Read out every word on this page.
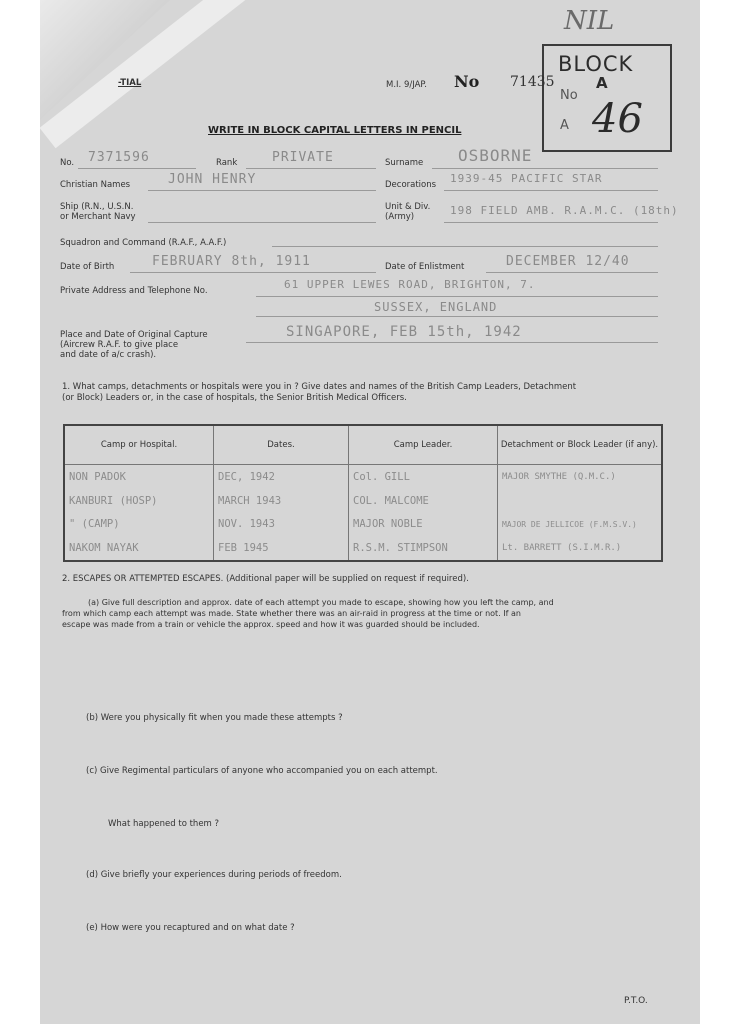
NIL
BLOCK
A
No
A 46
-TIAL	M.I. 9/JAP. No 71435
WRITE IN BLOCK CAPITAL LETTERS IN PENCIL
No. 7371596	Rank	PRIVATE	Surname OSBORNE
Christian Names	JOHN HENRY	Decorations 1939-45 PACIFIC STAR
Ship (R.N., U.S.N.
or Merchant Navy
Unit & Div.
(Army)	198 FIELD AMB. R.A.M.C. (18th)
Squadron and Command (R.A.F., A.A.F.)
Date of Birth	FEBRUARY 8th, 1911	Date of Enlistment	DECEMBER 12/40
Private Address and Telephone No.	61 UPPER LEWES ROAD, BRIGHTON, 7.
SUSSEX, ENGLAND
Place and Date of Original Capture
(Aircrew R.A.F. to give place
and date of a/c crash).
SINGAPORE, FEB 15th, 1942
1. What camps, detachments or hospitals were you in ? Give dates and names of the British Camp Leaders, Detachment
(or Block) Leaders or, in the case of hospitals, the Senior British Medical Officers.
Camp or Hospital.	Dates.	Camp Leader.	Detachment or Block Leader (if any).
NON PADOK	DEC, 1942	Col. GILL	MAJOR SMYTHE (Q.M.C.)
KANBURI (HOSP)	MARCH 1943	COL. MALCOME	
" (CAMP)	NOV. 1943	MAJOR NOBLE	MAJOR DE JELLICOE (F.M.S.V.)
NAKOM NAYAK	FEB 1945	R.S.M. STIMPSON	Lt. BARRETT (S.I.M.R.)
2. ESCAPES OR ATTEMPTED ESCAPES. (Additional paper will be supplied on request if required).
(a) Give full description and approx. date of each attempt you made to escape, showing how you left the camp, and
from which camp each attempt was made. State whether there was an air-raid in progress at the time or not. If an
escape was made from a train or vehicle the approx. speed and how it was guarded should be included.
(b) Were you physically fit when you made these attempts ?
(c) Give Regimental particulars of anyone who accompanied you on each attempt.
What happened to them ?
(d) Give briefly your experiences during periods of freedom.
(e) How were you recaptured and on what date ?
P.T.O.
